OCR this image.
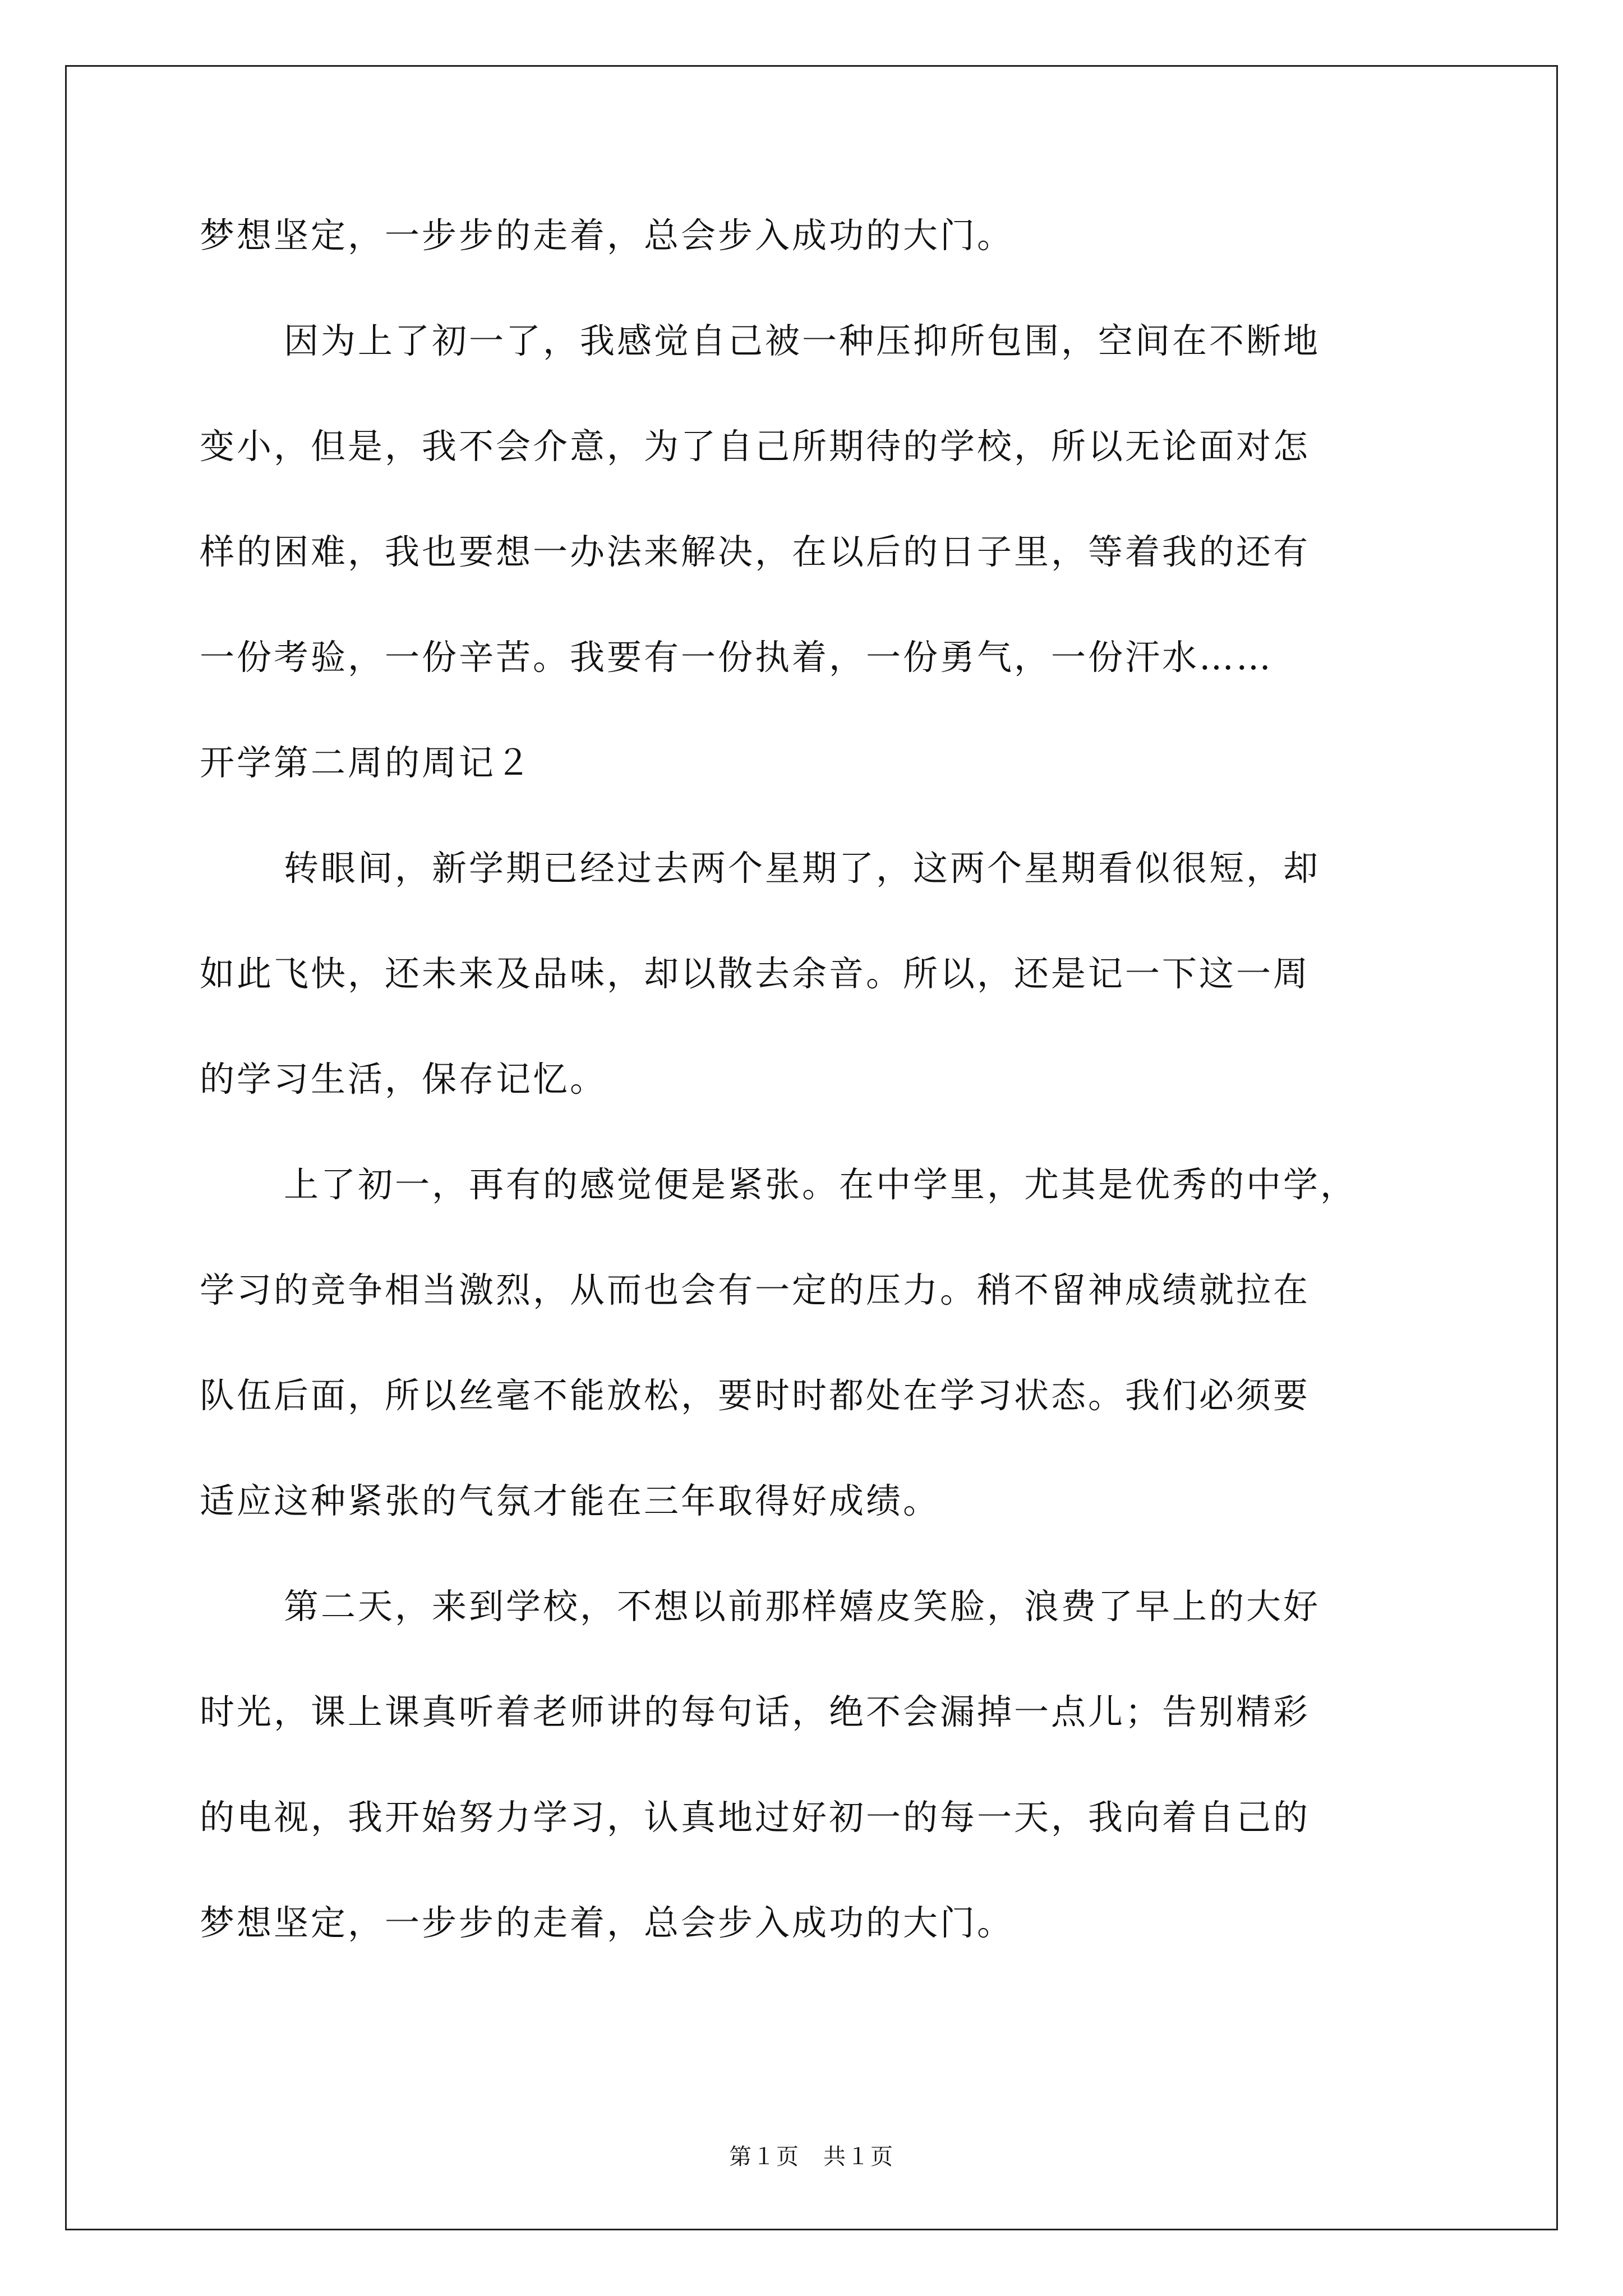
梦想坚定，一步步的走着，总会步入成功的大门。
因为上了初一了，我感觉自己被一种压抑所包围，空间在不断地
变小，但是，我不会介意，为了自己所期待的学校，所以无论面对怎
样的困难，我也要想一办法来解决，在以后的日子里，等着我的还有
一份考验，一份辛苦。我要有一份执着，一份勇气，一份汗水……
开学第二周的周记２
转眼间，新学期已经过去两个星期了，这两个星期看似很短，却
如此飞快，还未来及品味，却以散去余音。所以，还是记一下这一周
的学习生活，保存记忆。
上了初一，再有的感觉便是紧张。在中学里，尤其是优秀的中学，
学习的竞争相当激烈，从而也会有一定的压力。稍不留神成绩就拉在
队伍后面，所以丝毫不能放松，要时时都处在学习状态。我们必须要
适应这种紧张的气氛才能在三年取得好成绩。
第二天，来到学校，不想以前那样嬉皮笑脸，浪费了早上的大好
时光，课上课真听着老师讲的每句话，绝不会漏掉一点儿；告别精彩
的电视，我开始努力学习，认真地过好初一的每一天，我向着自己的
梦想坚定，一步步的走着，总会步入成功的大门。
第１页　共１页
